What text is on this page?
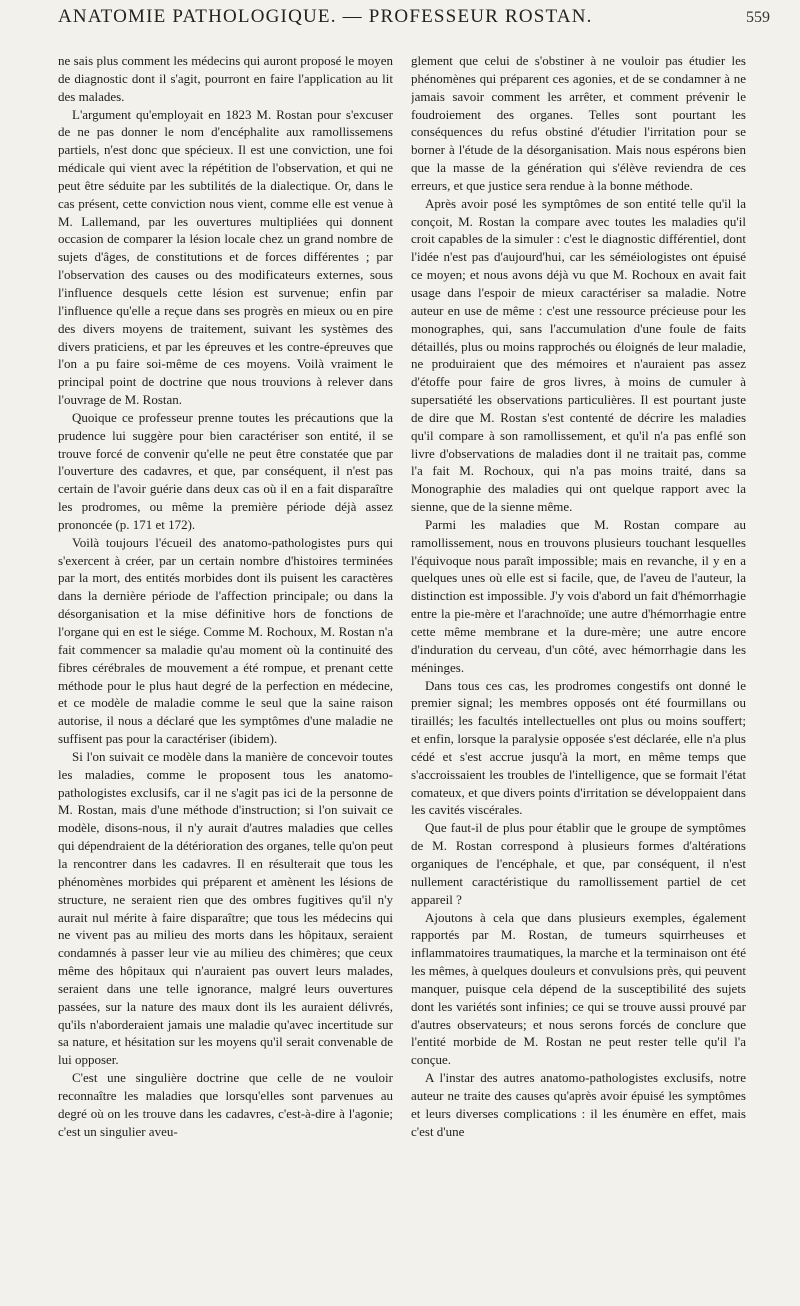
ANATOMIE PATHOLOGIQUE. — PROFESSEUR ROSTAN.	559

ne sais plus comment les médecins qui auront proposé le moyen de diagnostic dont il s'agit, pourront en faire l'application au lit des malades.

L'argument qu'employait en 1823 M. Rostan pour s'excuser de ne pas donner le nom d'encéphalite aux ramollissemens partiels, n'est donc que spécieux. Il est une conviction, une foi médicale qui vient avec la répétition de l'observation, et qui ne peut être séduite par les subtilités de la dialectique. Or, dans le cas présent, cette conviction nous vient, comme elle est venue à M. Lallemand, par les ouvertures multipliées qui donnent occasion de comparer la lésion locale chez un grand nombre de sujets d'âges, de constitutions et de forces différentes ; par l'observation des causes ou des modificateurs externes, sous l'influence desquels cette lésion est survenue; enfin par l'influence qu'elle a reçue dans ses progrès en mieux ou en pire des divers moyens de traitement, suivant les systèmes des divers praticiens, et par les épreuves et les contre-épreuves que l'on a pu faire soi-même de ces moyens. Voilà vraiment le principal point de doctrine que nous trouvions à relever dans l'ouvrage de M. Rostan.

Quoique ce professeur prenne toutes les précautions que la prudence lui suggère pour bien caractériser son entité, il se trouve forcé de convenir qu'elle ne peut être constatée que par l'ouverture des cadavres, et que, par conséquent, il n'est pas certain de l'avoir guérie dans deux cas où il en a fait disparaître les prodromes, ou même la première période déjà assez prononcée (p. 171 et 172).

Voilà toujours l'écueil des anatomo-pathologistes purs qui s'exercent à créer, par un certain nombre d'histoires terminées par la mort, des entités morbides dont ils puisent les caractères dans la dernière période de l'affection principale; ou dans la désorganisation et la mise définitive hors de fonctions de l'organe qui en est le siége. Comme M. Rochoux, M. Rostan n'a fait commencer sa maladie qu'au moment où la continuité des fibres cérébrales de mouvement a été rompue, et prenant cette méthode pour le plus haut degré de la perfection en médecine, et ce modèle de maladie comme le seul que la saine raison autorise, il nous a déclaré que les symptômes d'une maladie ne suffisent pas pour la caractériser (ibidem).

Si l'on suivait ce modèle dans la manière de concevoir toutes les maladies, comme le proposent tous les anatomo-pathologistes exclusifs, car il ne s'agit pas ici de la personne de M. Rostan, mais d'une méthode d'instruction; si l'on suivait ce modèle, disons-nous, il n'y aurait d'autres maladies que celles qui dépendraient de la détérioration des organes, telle qu'on peut la rencontrer dans les cadavres. Il en résulterait que tous les phénomènes morbides qui préparent et amènent les lésions de structure, ne seraient rien que des ombres fugitives qu'il n'y aurait nul mérite à faire disparaître; que tous les médecins qui ne vivent pas au milieu des morts dans les hôpitaux, seraient condamnés à passer leur vie au milieu des chimères; que ceux même des hôpitaux qui n'auraient pas ouvert leurs malades, seraient dans une telle ignorance, malgré leurs ouvertures passées, sur la nature des maux dont ils les auraient délivrés, qu'ils n'aborderaient jamais une maladie qu'avec incertitude sur sa nature, et hésitation sur les moyens qu'il serait convenable de lui opposer.

C'est une singulière doctrine que celle de ne vouloir reconnaître les maladies que lorsqu'elles sont parvenues au degré où on les trouve dans les cadavres, c'est-à-dire à l'agonie; c'est un singulier aveu-

glement que celui de s'obstiner à ne vouloir pas étudier les phénomènes qui préparent ces agonies, et de se condamner à ne jamais savoir comment les arrêter, et comment prévenir le foudroiement des organes. Telles sont pourtant les conséquences du refus obstiné d'étudier l'irritation pour se borner à l'étude de la désorganisation. Mais nous espérons bien que la masse de la génération qui s'élève reviendra de ces erreurs, et que justice sera rendue à la bonne méthode.

Après avoir posé les symptômes de son entité telle qu'il la conçoit, M. Rostan la compare avec toutes les maladies qu'il croit capables de la simuler : c'est le diagnostic différentiel, dont l'idée n'est pas d'aujourd'hui, car les séméiologistes ont épuisé ce moyen; et nous avons déjà vu que M. Rochoux en avait fait usage dans l'espoir de mieux caractériser sa maladie. Notre auteur en use de même : c'est une ressource précieuse pour les monographes, qui, sans l'accumulation d'une foule de faits détaillés, plus ou moins rapprochés ou éloignés de leur maladie, ne produiraient que des mémoires et n'auraient pas assez d'étoffe pour faire de gros livres, à moins de cumuler à supersatiété les observations particulières. Il est pourtant juste de dire que M. Rostan s'est contenté de décrire les maladies qu'il compare à son ramollissement, et qu'il n'a pas enflé son livre d'observations de maladies dont il ne traitait pas, comme l'a fait M. Rochoux, qui n'a pas moins traité, dans sa Monographie des maladies qui ont quelque rapport avec la sienne, que de la sienne même.

Parmi les maladies que M. Rostan compare au ramollissement, nous en trouvons plusieurs touchant lesquelles l'équivoque nous paraît impossible; mais en revanche, il y en a quelques unes où elle est si facile, que, de l'aveu de l'auteur, la distinction est impossible. J'y vois d'abord un fait d'hémorrhagie entre la pie-mère et l'arachnoïde; une autre d'hémorrhagie entre cette même membrane et la dure-mère; une autre encore d'induration du cerveau, d'un côté, avec hémorrhagie dans les méninges.

Dans tous ces cas, les prodromes congestifs ont donné le premier signal; les membres opposés ont été fourmillans ou tiraillés; les facultés intellectuelles ont plus ou moins souffert; et enfin, lorsque la paralysie opposée s'est déclarée, elle n'a plus cédé et s'est accrue jusqu'à la mort, en même temps que s'accroissaient les troubles de l'intelligence, que se formait l'état comateux, et que divers points d'irritation se développaient dans les cavités viscérales.

Que faut-il de plus pour établir que le groupe de symptômes de M. Rostan correspond à plusieurs formes d'altérations organiques de l'encéphale, et que, par conséquent, il n'est nullement caractéristique du ramollissement partiel de cet appareil ?

Ajoutons à cela que dans plusieurs exemples, également rapportés par M. Rostan, de tumeurs squirrheuses et inflammatoires traumatiques, la marche et la terminaison ont été les mêmes, à quelques douleurs et convulsions près, qui peuvent manquer, puisque cela dépend de la susceptibilité des sujets dont les variétés sont infinies; ce qui se trouve aussi prouvé par d'autres observateurs; et nous serons forcés de conclure que l'entité morbide de M. Rostan ne peut rester telle qu'il l'a conçue.

A l'instar des autres anatomo-pathologistes exclusifs, notre auteur ne traite des causes qu'après avoir épuisé les symptômes et leurs diverses complications : il les énumère en effet, mais c'est d'une
